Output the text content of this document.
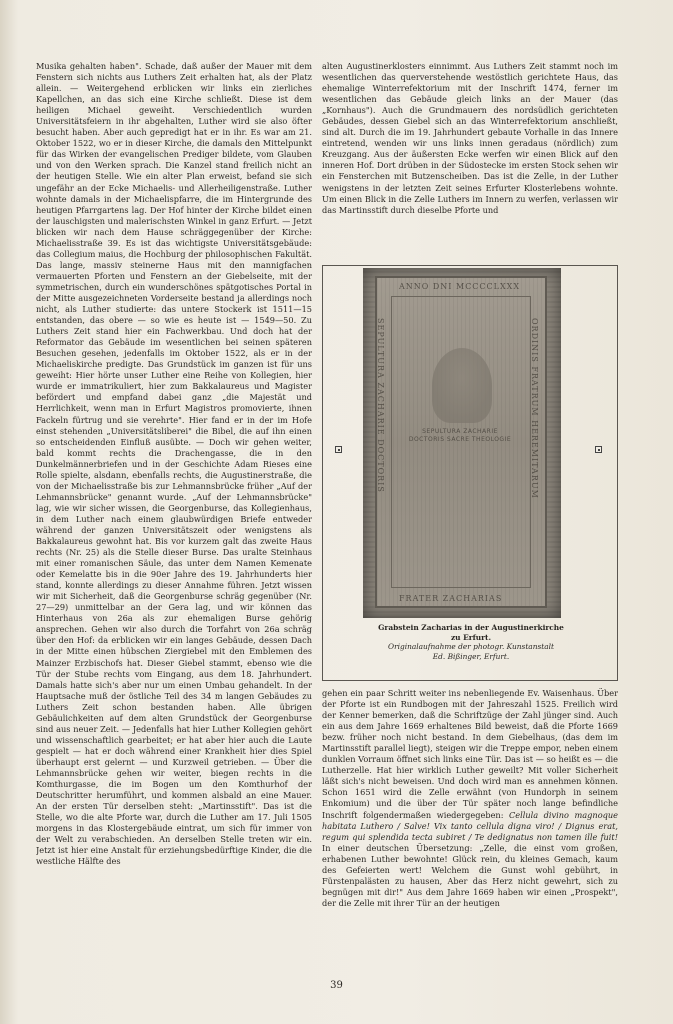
Musika gehalten haben". Schade, daß außer der Mauer mit dem Fenstern sich nichts aus Luthers Zeit erhalten hat, als der Platz allein. — Weitergehend erblicken wir links ein zierliches Kapellchen, an das sich eine Kirche schließt. Diese ist dem heiligen Michael geweiht. Verschiedentlich wurden Universitätsfeiern in ihr abgehalten, Luther wird sie also öfter besucht haben. Aber auch gepredigt hat er in ihr. Es war am 21. Oktober 1522, wo er in dieser Kirche, die damals den Mittelpunkt für das Wirken der evangelischen Prediger bildete, vom Glauben und von den Werken sprach. Die Kanzel stand freilich nicht an der heutigen Stelle. Wie ein alter Plan erweist, befand sie sich ungefähr an der Ecke Michaelis- und Allerheiligenstraße. Luther wohnte damals in der Michaelispfarre, die im Hintergrunde des heutigen Pfarrgartens lag. Der Hof hinter der Kirche bildet einen der lauschigsten und malerischsten Winkel in ganz Erfurt. — Jetzt blicken wir nach dem Hause schräggegenüber der Kirche: Michaelisstraße 39. Es ist das wichtigste Universitätsgebäude: das Collegium maius, die Hochburg der philosophischen Fakultät. Das lange, massiv steinerne Haus mit den mannigfachen vermauerten Pforten und Fenstern an der Giebelseite, mit der symmetrischen, durch ein wunderschönes spätgotisches Portal in der Mitte ausgezeichneten Vorderseite bestand ja allerdings noch nicht, als Luther studierte: das untere Stockerk ist 1511—15 entstanden, das obere — so wie es heute ist — 1549—50. Zu Luthers Zeit stand hier ein Fachwerkbau. Und doch hat der Reformator das Gebäude im wesentlichen bei seinen späteren Besuchen gesehen, jedenfalls im Oktober 1522, als er in der Michaeliskirche predigte. Das Grundstück im ganzen ist für uns geweiht: Hier hörte unser Luther eine Reihe von Kollegien, hier wurde er immatrikuliert, hier zum Bakkalaureus und Magister befördert und empfand dabei ganz „die Majestät und Herrlichkeit, wenn man in Erfurt Magistros promovierte, ihnen Fackeln fürtrug und sie verehrte". Hier fand er in der im Hofe einst stehenden „Universitätsliberei" die Bibel, die auf ihn einen so entscheidenden Einfluß ausübte. — Doch wir gehen weiter, bald kommt rechts die Drachengasse, die in den Dunkelmännerbriefen und in der Geschichte Adam Rieses eine Rolle spielte, alsdann, ebenfalls rechts, die Augustinerstraße, die von der Michaelisstraße bis zur Lehmannsbrücke früher „Auf der Lehmannsbrücke" genannt wurde. „Auf der Lehmannsbrücke" lag, wie wir sicher wissen, die Georgenburse, das Kollegienhaus, in dem Luther nach einem glaubwürdigen Briefe entweder während der ganzen Universitätszeit oder wenigstens als Bakkalaureus gewohnt hat. Bis vor kurzem galt das zweite Haus rechts (Nr. 25) als die Stelle dieser Burse. Das uralte Steinhaus mit einer romanischen Säule, das unter dem Namen Kemenate oder Kemelatte bis in die 90er Jahre des 19. Jahrhunderts hier stand, konnte allerdings zu dieser Annahme führen. Jetzt wissen wir mit Sicherheit, daß die Georgenburse schräg gegenüber (Nr. 27—29) unmittelbar an der Gera lag, und wir können das Hinterhaus von 26a als zur ehemaligen Burse gehörig ansprechen. Gehen wir also durch die Torfahrt von 26a schräg über den Hof: da erblicken wir ein langes Gebäude, dessen Dach in der Mitte einen hübschen Ziergiebel mit den Emblemen des Mainzer Erzbischofs hat. Dieser Giebel stammt, ebenso wie die Tür der Stube rechts vom Eingang, aus dem 18. Jahrhundert. Damals hatte sich's aber nur um einen Umbau gehandelt. In der Hauptsache muß der östliche Teil des 34 m langen Gebäudes zu Luthers Zeit schon bestanden haben. Alle übrigen Gebäulichkeiten auf dem alten Grundstück der Georgenburse sind aus neuer Zeit. — Jedenfalls hat hier Luther Kollegien gehört und wissenschaftlich gearbeitet; er hat aber hier auch die Laute gespielt — hat er doch während einer Krankheit hier dies Spiel überhaupt erst gelernt — und Kurzweil getrieben. — Über die Lehmannsbrücke gehen wir weiter, biegen rechts in die Komthurgasse, die im Bogen um den Komthurhof der Deutschritter herumführt, und kommen alsbald an eine Mauer. An der ersten Tür derselben steht: „Martinsstift". Das ist die Stelle, wo die alte Pforte war, durch die Luther am 17. Juli 1505 morgens in das Klostergebäude eintrat, um sich für immer von der Welt zu verabschieden. An derselben Stelle treten wir ein. Jetzt ist hier eine Anstalt für erziehungsbedürftige Kinder, die die westliche Hälfte des

alten Augustinerklosters einnimmt. Aus Luthers Zeit stammt noch im wesentlichen das querverstehende westöstlich gerichtete Haus, das ehemalige Winterrefektorium mit der Inschrift 1474, ferner im wesentlichen das Gebäude gleich links an der Mauer (das „Kornhaus"). Auch die Grundmauern des nordsüdlich gerichteten Gebäudes, dessen Giebel sich an das Winterrefektorium anschließt, sind alt. Durch die im 19. Jahrhundert gebaute Vorhalle in das Innere eintretend, wenden wir uns links innen geradaus (nördlich) zum Kreuzgang. Aus der äußersten Ecke werfen wir einen Blick auf den inneren Hof. Dort drüben in der Südostecke im ersten Stock sehen wir ein Fensterchen mit Butzenscheiben. Das ist die Zelle, in der Luther wenigstens in der letzten Zeit seines Erfurter Klosterlebens wohnte. Um einen Blick in die Zelle Luthers im Innern zu werfen, verlassen wir das Martinsstift durch dieselbe Pforte und

ANNO DNI MCCCCLXXX
FRATER ZACHARIAS
SEPULTURA ZACHARIE DOCTORIS	ORDINIS FRATRUM HEREMITARUM
SEPULTURA ZACHARIE DOCTORIS SACRE THEOLOGIE
Grabstein Zacharias in der Augustinerkirche
zu Erfurt.
Originalaufnahme der photogr. Kunstanstalt
Ed. Bißinger, Erfurt.

gehen ein paar Schritt weiter ins nebenliegende Ev. Waisenhaus. Über der Pforte ist ein Rundbogen mit der Jahreszahl 1525. Freilich wird der Kenner bemerken, daß die Schriftzüge der Zahl jünger sind. Auch ein aus dem Jahre 1669 erhaltenes Bild beweist, daß die Pforte 1669 bezw. früher noch nicht bestand. In dem Giebelhaus, (das dem im Martinsstift parallel liegt), steigen wir die Treppe empor, neben einem dunklen Vorraum öffnet sich links eine Tür. Das ist — so heißt es — die Lutherzelle. Hat hier wirklich Luther geweilt? Mit voller Sicherheit läßt sich's nicht beweisen. Und doch wird man es annehmen können. Schon 1651 wird die Zelle erwähnt (von Hundorph in seinem Enkomium) und die über der Tür später noch lange befindliche Inschrift folgendermaßen wiedergegeben: Cellula divino magnoque habitata Luthero / Salve! Vix tanto cellula digna viro! / Dignus erat, regum qui splendida tecta subiret / Te dedignatus non tamen ille fuit! In einer deutschen Übersetzung: „Zelle, die einst vom großen, erhabenen Luther bewohnte! Glück rein, du kleines Gemach, kaum des Gefeierten wert! Welchem die Gunst wohl gebührt, in Fürstenpalästen zu hausen, Aber das Herz nicht gewehrt, sich zu begnügen mit dir!" Aus dem Jahre 1669 haben wir einen „Prospekt", der die Zelle mit ihrer Tür an der heutigen

39
